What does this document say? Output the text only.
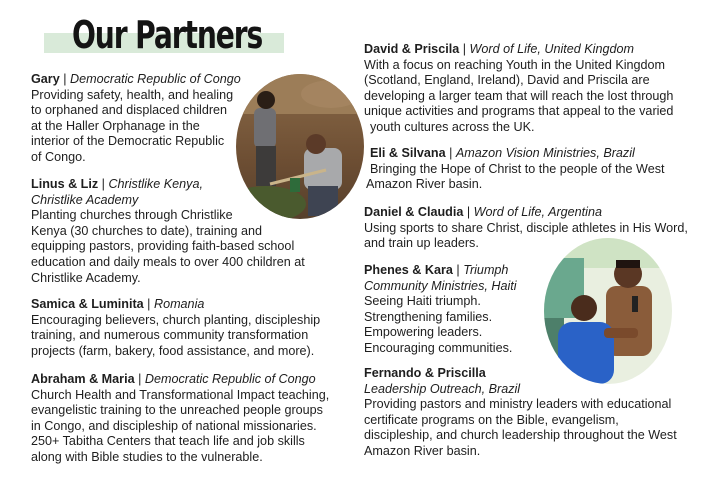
Our Partners
Gary | Democratic Republic of Congo
Providing safety, health, and healing
to orphaned and displaced children
at the Haller Orphanage in the
interior of the Democratic Republic
of Congo.
Linus & Liz | Christlike Kenya,
Christlike Academy
Planting churches through Christlike
Kenya (30 churches to date), training and
equipping pastors, providing faith-based school
education and daily meals to over 400 children at
Christlike Academy.
Samica & Luminita | Romania
Encouraging believers, church planting, discipleship
training, and numerous community transformation
projects (farm, bakery, food assistance, and more).
Abraham & Maria | Democratic Republic of Congo
Church Health and Transformational Impact teaching,
evangelistic training to the unreached people groups
in Congo, and discipleship of national missionaries.
250+ Tabitha Centers that teach life and job skills
along with Bible studies to the vulnerable.
David & Priscila | Word of Life, United Kingdom
With a focus on reaching Youth in the United Kingdom
(Scotland, England, Ireland), David and Priscila are
developing a larger team that will reach the lost through
unique activities and programs that appeal to the varied
youth cultures across the UK.
Eli & Silvana | Amazon Vision Ministries, Brazil
Bringing the Hope of Christ to the people of the West
Amazon River basin.
Daniel & Claudia | Word of Life, Argentina
Using sports to share Christ, disciple athletes in His Word,
and train up leaders.
Phenes & Kara | Triumph
Community Ministries, Haiti
Seeing Haiti triumph.
Strengthening families.
Empowering leaders.
Encouraging communities.
Fernando & Priscilla
Leadership Outreach, Brazil
Providing pastors and ministry leaders with educational
certificate programs on the Bible, evangelism,
discipleship, and church leadership throughout the West
Amazon River basin.
